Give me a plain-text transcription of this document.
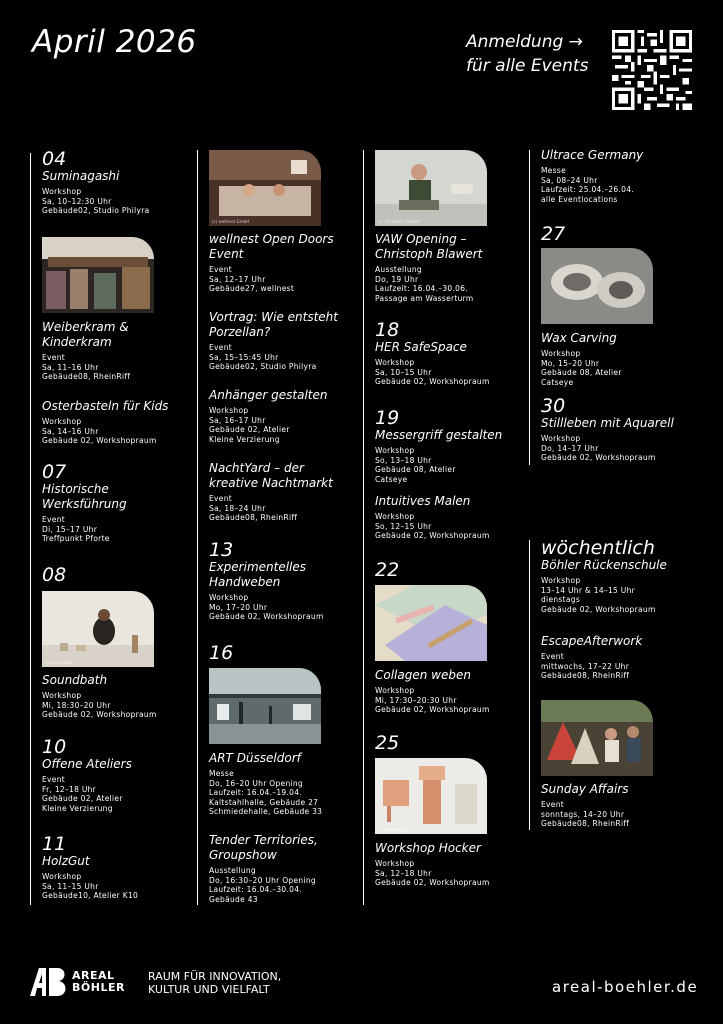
April 2026	Anmeldung →
für alle Events
04
Suminagashi
Workshop
Sa, 10–12:30 Uhr
Gebäude02, Studio Philyra
Weiberkram & Kinderkram
Event
Sa, 11–16 Uhr
Gebäude08, RheinRiff
Osterbasteln für Kids
Workshop
Sa, 14–16 Uhr
Gebäude 02, Workshopraum
07
Historische Werksführung
Event
Di, 15–17 Uhr
Treffpunkt Pforte
08
(c) Lena Rosa
Soundbath
Workshop
Mi, 18:30–20 Uhr
Gebäude 02, Workshopraum
10
Offene Ateliers
Event
Fr, 12–18 Uhr
Gebäude 02, Atelier
Kleine Verzierung
11
HolzGut
Workshop
Sa, 11–15 Uhr
Gebäude10, Atelier K10
(c) wellnest GmbH
wellnest Open Doors Event
Event
Sa, 12–17 Uhr
Gebäude27, wellnest
Vortrag: Wie entsteht Porzellan?
Event
Sa, 15–15:45 Uhr
Gebäude02, Studio Philyra
Anhänger gestalten
Workshop
Sa, 16–17 Uhr
Gebäude 02, Atelier
Kleine Verzierung
NachtYard – der kreative Nachtmarkt
Event
Sa, 18–24 Uhr
Gebäude08, RheinRiff
13
Experimentelles Handweben
Workshop
Mo, 17–20 Uhr
Gebäude 02, Workshopraum
16
ART Düsseldorf
Messe
Do, 16–20 Uhr Opening
Laufzeit: 16.04.–19.04.
Kaltstahlhalle, Gebäude 27
Schmiedehalle, Gebäude 33
Tender Territories, Groupshow
Ausstellung
Do, 16:30–20 Uhr Opening
Laufzeit: 16.04.–30.04.
Gebäude 43
(c) Christoph Blawert
VAW Opening – Christoph Blawert
Ausstellung
Do, 19 Uhr
Laufzeit: 16.04.–30.06.
Passage am Wasserturm
18
HER SafeSpace
Workshop
Sa, 10–15 Uhr
Gebäude 02, Workshopraum
19
Messergriff gestalten
Workshop
So, 13–18 Uhr
Gebäude 08, Atelier
Catseye
Intuitives Malen
Workshop
So, 12–15 Uhr
Gebäude 02, Workshopraum
22
Collagen weben
Workshop
Mi, 17:30–20:30 Uhr
Gebäude 02, Workshopraum
25
(c) Niklas Vogt
Workshop Hocker
Workshop
Sa, 12–18 Uhr
Gebäude 02, Workshopraum
Ultrace Germany
Messe
Sa, 08–24 Uhr
Laufzeit: 25.04.–26.04.
alle Eventlocations
27
Wax Carving
Workshop
Mo, 15–20 Uhr
Gebäude 08, Atelier
Catseye
30
Stillleben mit Aquarell
Workshop
Do, 14–17 Uhr
Gebäude 02, Workshopraum
wöchentlich
Böhler Rückenschule
Workshop
13–14 Uhr & 14–15 Uhr
dienstags
Gebäude 02, Workshopraum
EscapeAfterwork
Event
mittwochs, 17–22 Uhr
Gebäude08, RheinRiff
Sunday Affairs
Event
sonntags, 14–20 Uhr
Gebäude08, RheinRiff
AREAL
BÖHLER
RAUM FÜR INNOVATION,
KULTUR UND VIELFALT	areal-boehler.de
